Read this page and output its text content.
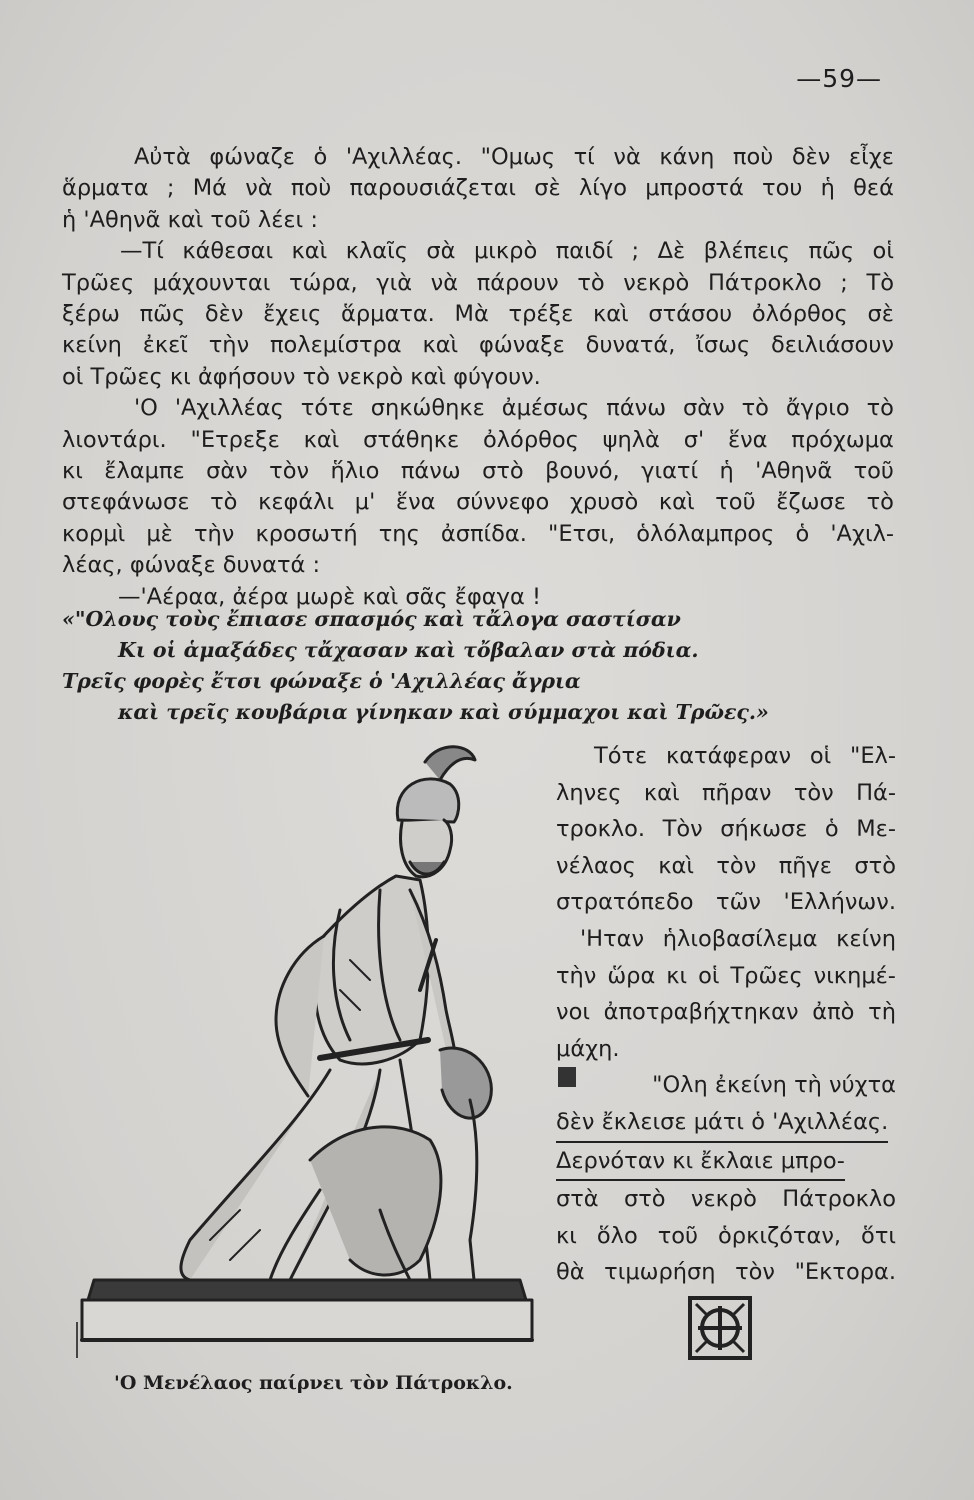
—59—
Αὐτὰ φώναζε ὁ 'Αχιλλέας. "Ομως τί νὰ κάνη ποὺ δὲν εἶχε
ἅρματα ; Μά νὰ ποὺ παρουσιάζεται σὲ λίγο μπροστά του ἡ θεά
ἡ 'Αθηνᾶ καὶ τοῦ λέει :
—Τί κάθεσαι καὶ κλαῖς σὰ μικρὸ παιδί ; Δὲ βλέπεις πῶς οἱ
Τρῶες μάχουνται τώρα, γιὰ νὰ πάρουν τὸ νεκρὸ Πάτροκλο ; Τὸ
ξέρω πῶς δὲν ἔχεις ἅρματα. Μὰ τρέξε καὶ στάσου ὀλόρθος σὲ
κείνη ἐκεῖ τὴν πολεμίστρα καὶ φώναξε δυνατά, ἴσως δειλιάσουν
οἱ Τρῶες κι ἀφήσουν τὸ νεκρὸ καὶ φύγουν.
'Ο 'Αχιλλέας τότε σηκώθηκε ἀμέσως πάνω σὰν τὸ ἄγριο τὸ
λιοντάρι. "Ετρεξε καὶ στάθηκε ὀλόρθος ψηλὰ σ' ἕνα πρόχωμα
κι ἔλαμπε σὰν τὸν ἥλιο πάνω στὸ βουνό, γιατί ἡ 'Αθηνᾶ τοῦ
στεφάνωσε τὸ κεφάλι μ' ἕνα σύννεφο χρυσὸ καὶ τοῦ ἔζωσε τὸ
κορμὶ μὲ τὴν κροσωτή της ἀσπίδα. "Ετσι, ὁλόλαμπρος ὁ 'Αχιλ-
λέας, φώναξε δυνατά :
—'Αέραα, ἀέρα μωρὲ καὶ σᾶς ἔφαγα !
«"Ολους τοὺς ἔπιασε σπασμός καὶ τἄλογα σαστίσαν
Κι οἱ ἁμαξάδες τἄχασαν καὶ τὄβαλαν στὰ πόδια.
Τρεῖς φορὲς ἔτσι φώναξε ὁ 'Αχιλλέας ἄγρια
καὶ τρεῖς κουβάρια γίνηκαν καὶ σύμμαχοι καὶ Τρῶες.»
Τότε κατάφεραν οἱ "Ελ-
ληνες καὶ πῆραν τὸν Πά-
τροκλο. Τὸν σήκωσε ὁ Με-
νέλαος καὶ τὸν πῆγε στὸ
στρατόπεδο τῶν 'Ελλήνων.
'Ηταν ἡλιοβασίλεμα κείνη
τὴν ὥρα κι οἱ Τρῶες νικημέ-
νοι ἀποτραβήχτηκαν ἀπὸ τὴ
μάχη.
"Ολη ἐκείνη τὴ νύχτα
δὲν ἔκλεισε μάτι ὁ 'Αχιλλέας.
Δερνόταν κι ἔκλαιε μπρο-
στὰ στὸ νεκρὸ Πάτροκλο
κι ὅλο τοῦ ὁρκιζόταν, ὅτι
θὰ τιμωρήση τὸν "Εκτορα.
'Ο Μενέλαος παίρνει τὸν Πάτροκλο.
